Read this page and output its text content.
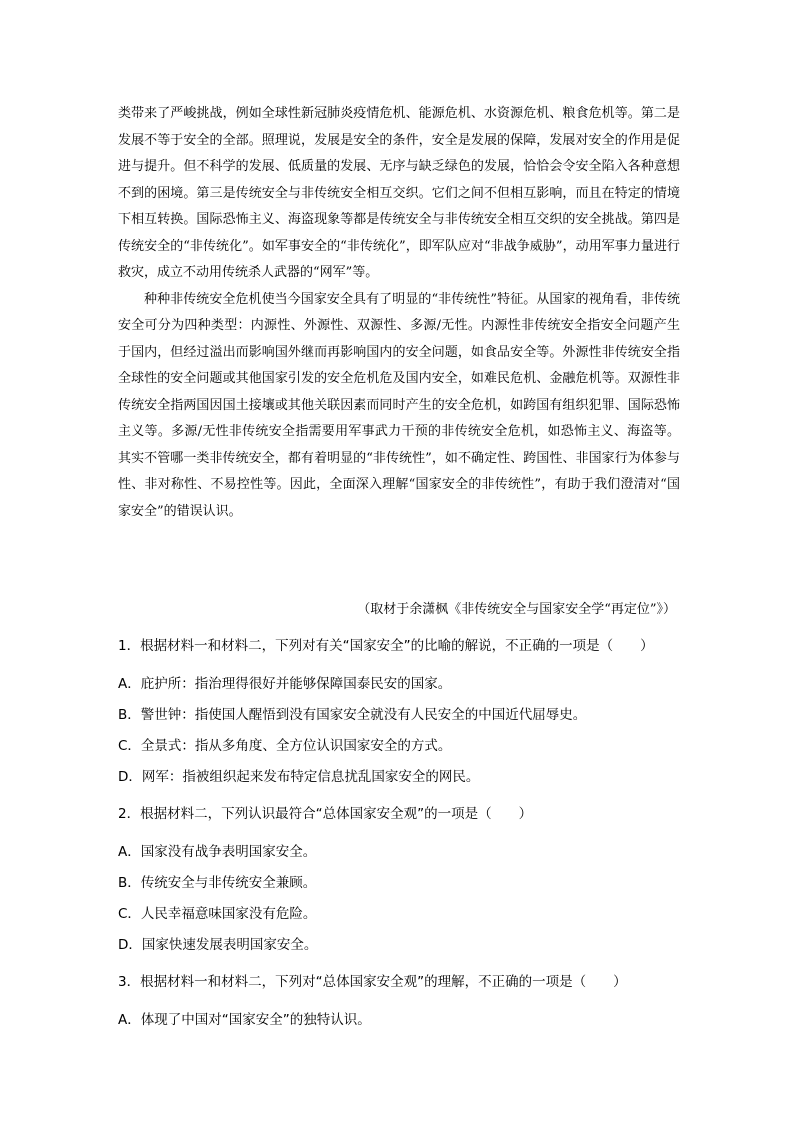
类带来了严峻挑战，例如全球性新冠肺炎疫情危机、能源危机、水资源危机、粮食危机等。第二是发展不等于安全的全部。照理说，发展是安全的条件，安全是发展的保障，发展对安全的作用是促进与提升。但不科学的发展、低质量的发展、无序与缺乏绿色的发展，恰恰会令安全陷入各种意想不到的困境。第三是传统安全与非传统安全相互交织。它们之间不但相互影响，而且在特定的情境下相互转换。国际恐怖主义、海盗现象等都是传统安全与非传统安全相互交织的安全挑战。第四是传统安全的“非传统化”。如军事安全的“非传统化”，即军队应对“非战争威胁”，动用军事力量进行救灾，成立不动用传统杀人武器的“网军”等。

种种非传统安全危机使当今国家安全具有了明显的“非传统性”特征。从国家的视角看，非传统安全可分为四种类型：内源性、外源性、双源性、多源/无性。内源性非传统安全指安全问题产生于国内，但经过溢出而影响国外继而再影响国内的安全问题，如食品安全等。外源性非传统安全指全球性的安全问题或其他国家引发的安全危机危及国内安全，如难民危机、金融危机等。双源性非传统安全指两国因国土接壤或其他关联因素而同时产生的安全危机，如跨国有组织犯罪、国际恐怖主义等。多源/无性非传统安全指需要用军事武力干预的非传统安全危机，如恐怖主义、海盗等。其实不管哪一类非传统安全，都有着明显的“非传统性”，如不确定性、跨国性、非国家行为体参与性、非对称性、不易控性等。因此，全面深入理解“国家安全的非传统性”，有助于我们澄清对“国家安全”的错误认识。

（取材于余潇枫《非传统安全与国家安全学“再定位”》）
1．根据材料一和材料二，下列对有关“国家安全”的比喻的解说，不正确的一项是（　　）
A．庇护所：指治理得很好并能够保障国泰民安的国家。
B．警世钟：指使国人醒悟到没有国家安全就没有人民安全的中国近代屈辱史。
C．全景式：指从多角度、全方位认识国家安全的方式。
D．网军：指被组织起来发布特定信息扰乱国家安全的网民。
2．根据材料二，下列认识最符合“总体国家安全观”的一项是（　　）
A．国家没有战争表明国家安全。
B．传统安全与非传统安全兼顾。
C．人民幸福意味国家没有危险。
D．国家快速发展表明国家安全。
3．根据材料一和材料二，下列对“总体国家安全观”的理解，不正确的一项是（　　）
A．体现了中国对“国家安全”的独特认识。
